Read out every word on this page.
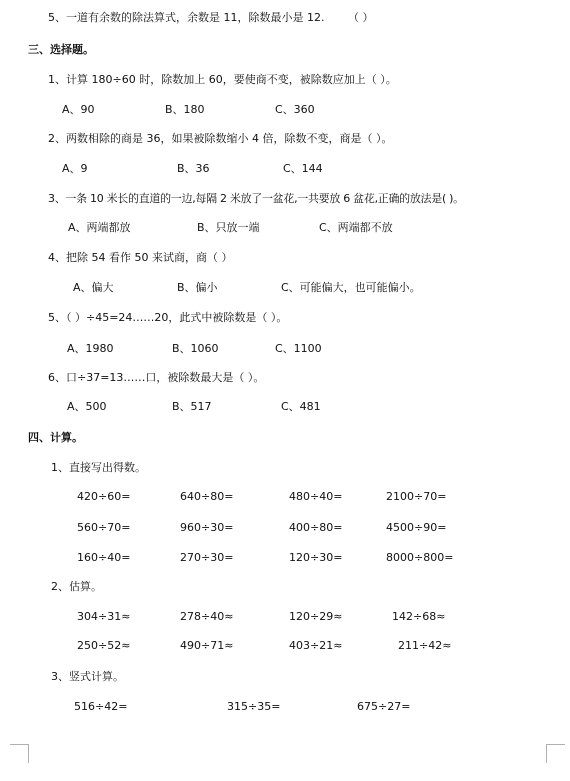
5、一道有余数的除法算式，余数是 11，除数最小是 12. （ ）
三、选择题。
1、计算 180÷60 时，除数加上 60，要使商不变，被除数应加上（ ）。
A、90	B、180	C、360
2、两数相除的商是 36，如果被除数缩小 4 倍，除数不变，商是（ ）。
A、9	B、36	C、144
3、一条 10 米长的直道的一边,每隔 2 米放了一盆花,一共要放 6 盆花,正确的放法是( )。
A、两端都放	B、只放一端	C、两端都不放
4、把除 54 看作 50 来试商，商（ ）
A、偏大	B、偏小	C、可能偏大，也可能偏小。
5、（ ）÷45=24……20，此式中被除数是（ ）。
A、1980	B、1060	C、1100
6、口÷37=13……口，被除数最大是（ ）。
A、500	B、517	C、481
四、计算。
1、直接写出得数。
420÷60=	640÷80=	480÷40=	2100÷70=
560÷70=	960÷30=	400÷80=	4500÷90=
160÷40=	270÷30=	120÷30=	8000÷800=
2、估算。
304÷31≈	278÷40≈	120÷29≈	142÷68≈
250÷52≈	490÷71≈	403÷21≈	211÷42≈
3、竖式计算。
516÷42=	315÷35=	675÷27=
